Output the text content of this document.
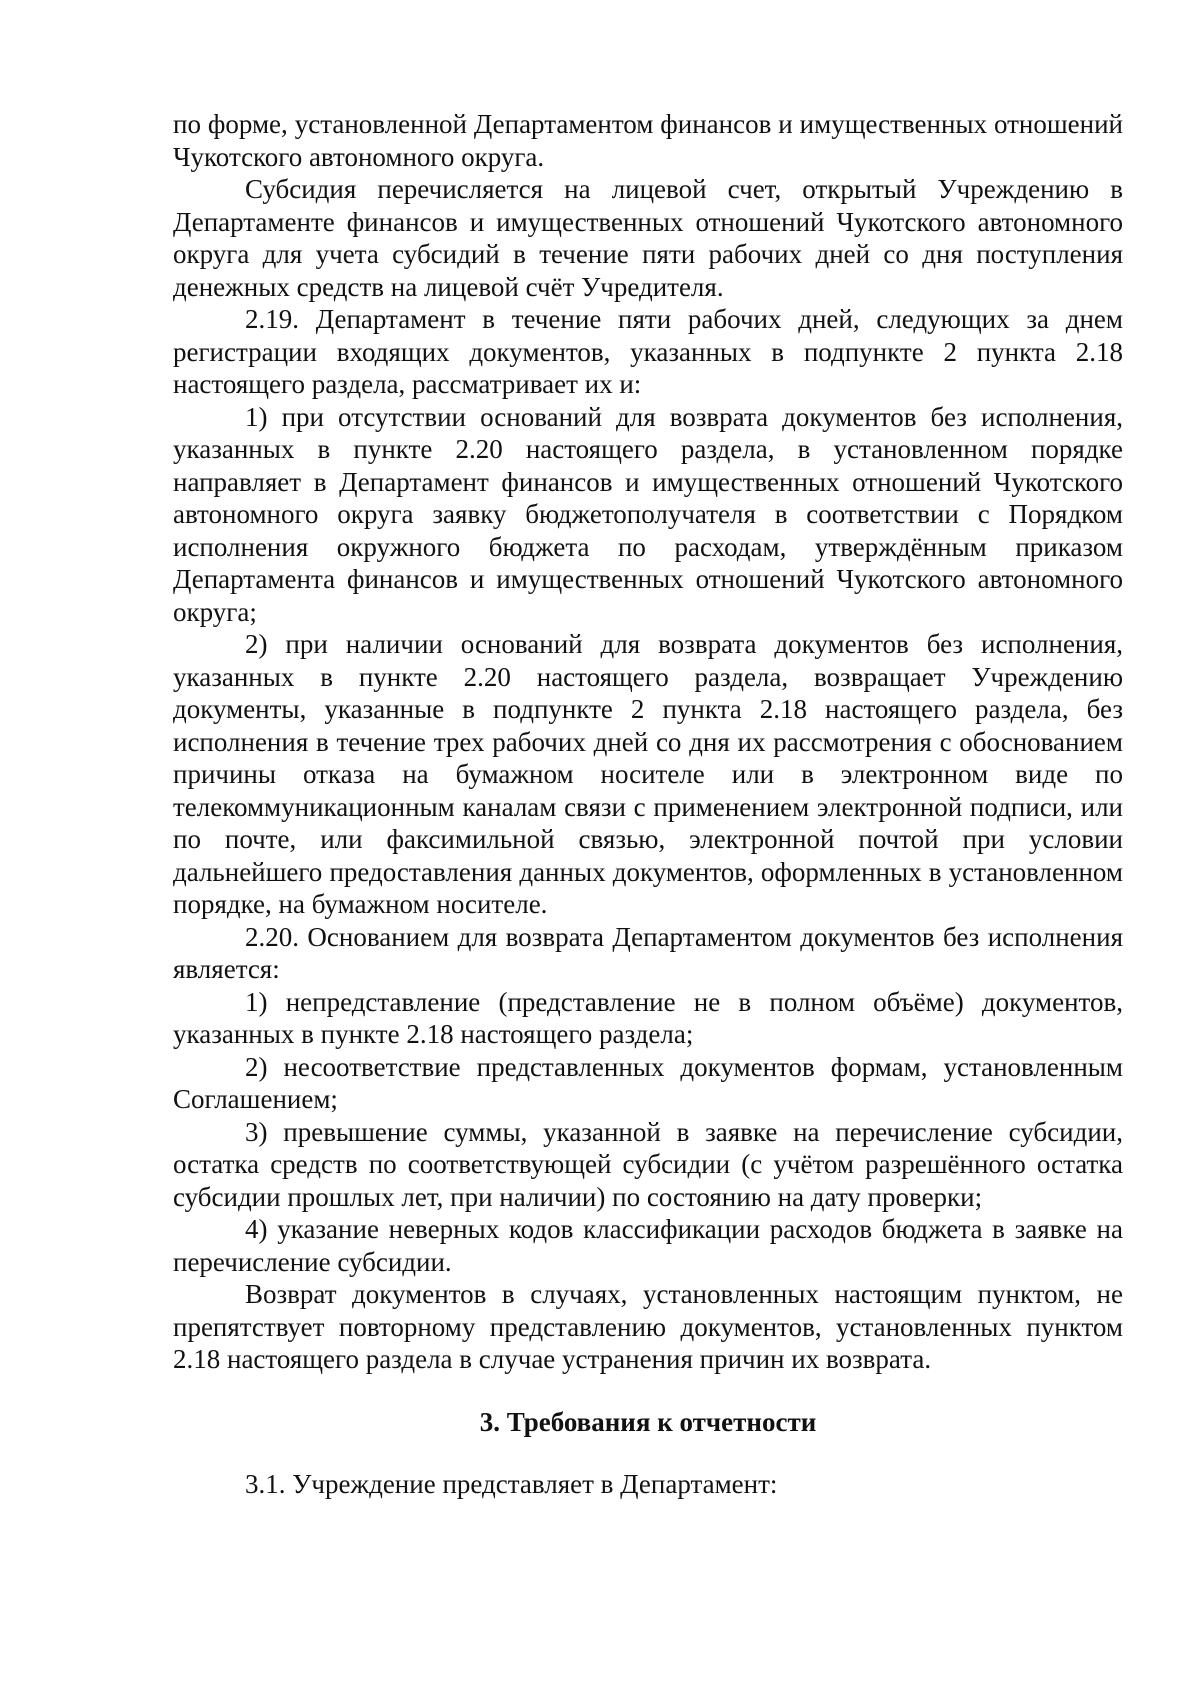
по форме, установленной Департаментом финансов и имущественных отношений Чукотского автономного округа.

Субсидия перечисляется на лицевой счет, открытый Учреждению в Департаменте финансов и имущественных отношений Чукотского автономного округа для учета субсидий в течение пяти рабочих дней со дня поступления денежных средств на лицевой счёт Учредителя.

2.19. Департамент в течение пяти рабочих дней, следующих за днем регистрации входящих документов, указанных в подпункте 2 пункта 2.18 настоящего раздела, рассматривает их и:

1) при отсутствии оснований для возврата документов без исполнения, указанных в пункте 2.20 настоящего раздела, в установленном порядке направляет в Департамент финансов и имущественных отношений Чукотского автономного округа заявку бюджетополучателя в соответствии с Порядком исполнения окружного бюджета по расходам, утверждённым приказом Департамента финансов и имущественных отношений Чукотского автономного округа;

2) при наличии оснований для возврата документов без исполнения, указанных в пункте 2.20 настоящего раздела, возвращает Учреждению документы, указанные в подпункте 2 пункта 2.18 настоящего раздела, без исполнения в течение трех рабочих дней со дня их рассмотрения с обоснованием причины отказа на бумажном носителе или в электронном виде по телекоммуникационным каналам связи с применением электронной подписи, или по почте, или факсимильной связью, электронной почтой при условии дальнейшего предоставления данных документов, оформленных в установленном порядке, на бумажном носителе.

2.20. Основанием для возврата Департаментом документов без исполнения является:

1) непредставление (представление не в полном объёме) документов, указанных в пункте 2.18 настоящего раздела;

2) несоответствие представленных документов формам, установленным Соглашением;

3) превышение суммы, указанной в заявке на перечисление субсидии, остатка средств по соответствующей субсидии (с учётом разрешённого остатка субсидии прошлых лет, при наличии) по состоянию на дату проверки;

4) указание неверных кодов классификации расходов бюджета в заявке на перечисление субсидии.

Возврат документов в случаях, установленных настоящим пунктом, не препятствует повторному представлению документов, установленных пунктом 2.18 настоящего раздела в случае устранения причин их возврата.

3. Требования к отчетности

3.1. Учреждение представляет в Департамент:
